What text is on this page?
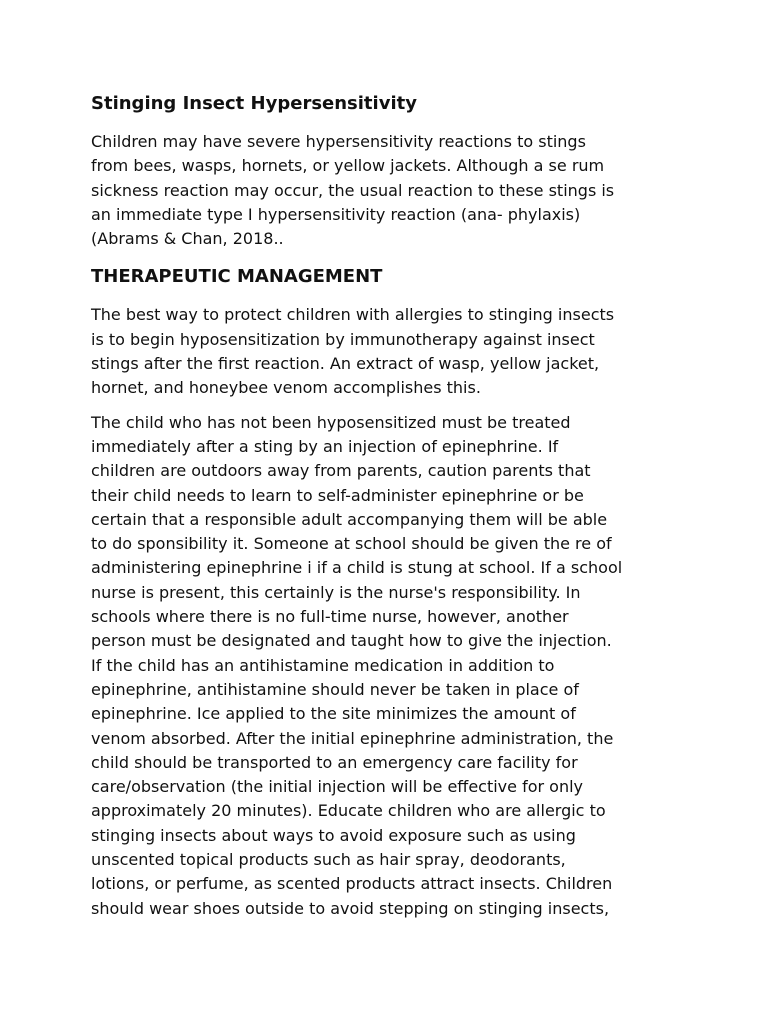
Stinging Insect Hypersensitivity

Children may have severe hypersensitivity reactions to stings
from bees, wasps, hornets, or yellow jackets. Although a se rum
sickness reaction may occur, the usual reaction to these stings is
an immediate type I hypersensitivity reaction (ana- phylaxis)
(Abrams & Chan, 2018..

THERAPEUTIC MANAGEMENT

The best way to protect children with allergies to stinging insects
is to begin hyposensitization by immunotherapy against insect
stings after the first reaction. An extract of wasp, yellow jacket,
hornet, and honeybee venom accomplishes this.

The child who has not been hyposensitized must be treated
immediately after a sting by an injection of epinephrine. If
children are outdoors away from parents, caution parents that
their child needs to learn to self-administer epinephrine or be
certain that a responsible adult accompanying them will be able
to do sponsibility it. Someone at school should be given the re of
administering epinephrine i if a child is stung at school. If a school
nurse is present, this certainly is the nurse's responsibility. In
schools where there is no full-time nurse, however, another
person must be designated and taught how to give the injection.
If the child has an antihistamine medication in addition to
epinephrine, antihistamine should never be taken in place of
epinephrine. Ice applied to the site minimizes the amount of
venom absorbed. After the initial epinephrine administration, the
child should be transported to an emergency care facility for
care/observation (the initial injection will be effective for only
approximately 20 minutes). Educate children who are allergic to
stinging insects about ways to avoid exposure such as using
unscented topical products such as hair spray, deodorants,
lotions, or perfume, as scented products attract insects. Children
should wear shoes outside to avoid stepping on stinging insects,
